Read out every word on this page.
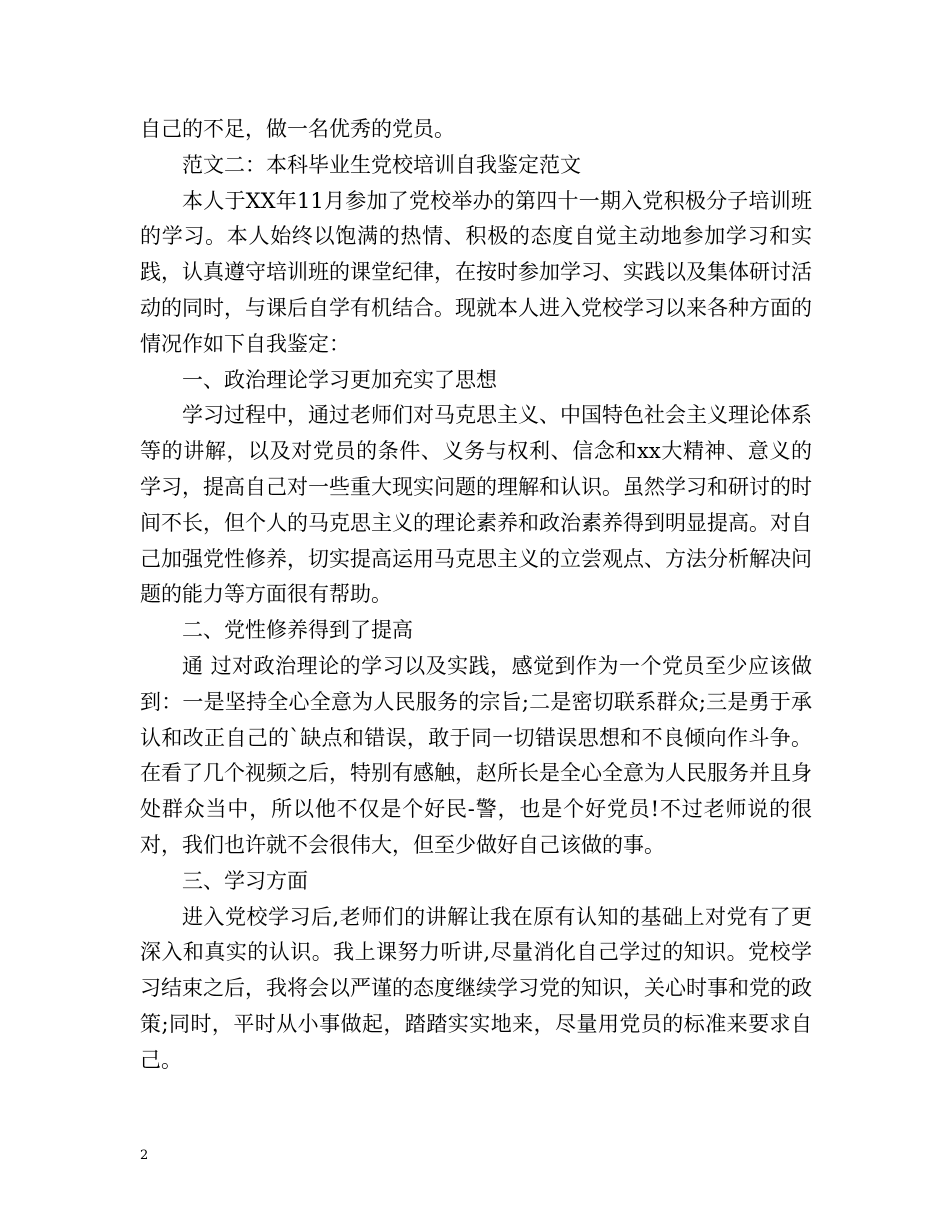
自己的不足，做一名优秀的党员。

范文二：本科毕业生党校培训自我鉴定范文

本人于XX年11月参加了党校举办的第四十一期入党积极分子培训班的学习。本人始终以饱满的热情、积极的态度自觉主动地参加学习和实践，认真遵守培训班的课堂纪律，在按时参加学习、实践以及集体研讨活动的同时，与课后自学有机结合。现就本人进入党校学习以来各种方面的情况作如下自我鉴定：

一、政治理论学习更加充实了思想

学习过程中，通过老师们对马克思主义、中国特色社会主义理论体系等的讲解，以及对党员的条件、义务与权利、信念和xx大精神、意义的学习，提高自己对一些重大现实问题的理解和认识。虽然学习和研讨的时间不长，但个人的马克思主义的理论素养和政治素养得到明显提高。对自己加强党性修养，切实提高运用马克思主义的立尝观点、方法分析解决问题的能力等方面很有帮助。

二、党性修养得到了提高

通 过对政治理论的学习以及实践，感觉到作为一个党员至少应该做到：一是坚持全心全意为人民服务的宗旨;二是密切联系群众;三是勇于承认和改正自己的`缺点和错误，敢于同一切错误思想和不良倾向作斗争。在看了几个视频之后，特别有感触，赵所长是全心全意为人民服务并且身处群众当中，所以他不仅是个好民-警，也是个好党员!不过老师说的很对，我们也许就不会很伟大，但至少做好自己该做的事。

三、学习方面

进入党校学习后,老师们的讲解让我在原有认知的基础上对党有了更深入和真实的认识。我上课努力听讲,尽量消化自己学过的知识。党校学习结束之后，我将会以严谨的态度继续学习党的知识，关心时事和党的政策;同时，平时从小事做起，踏踏实实地来，尽量用党员的标准来要求自己。

2
